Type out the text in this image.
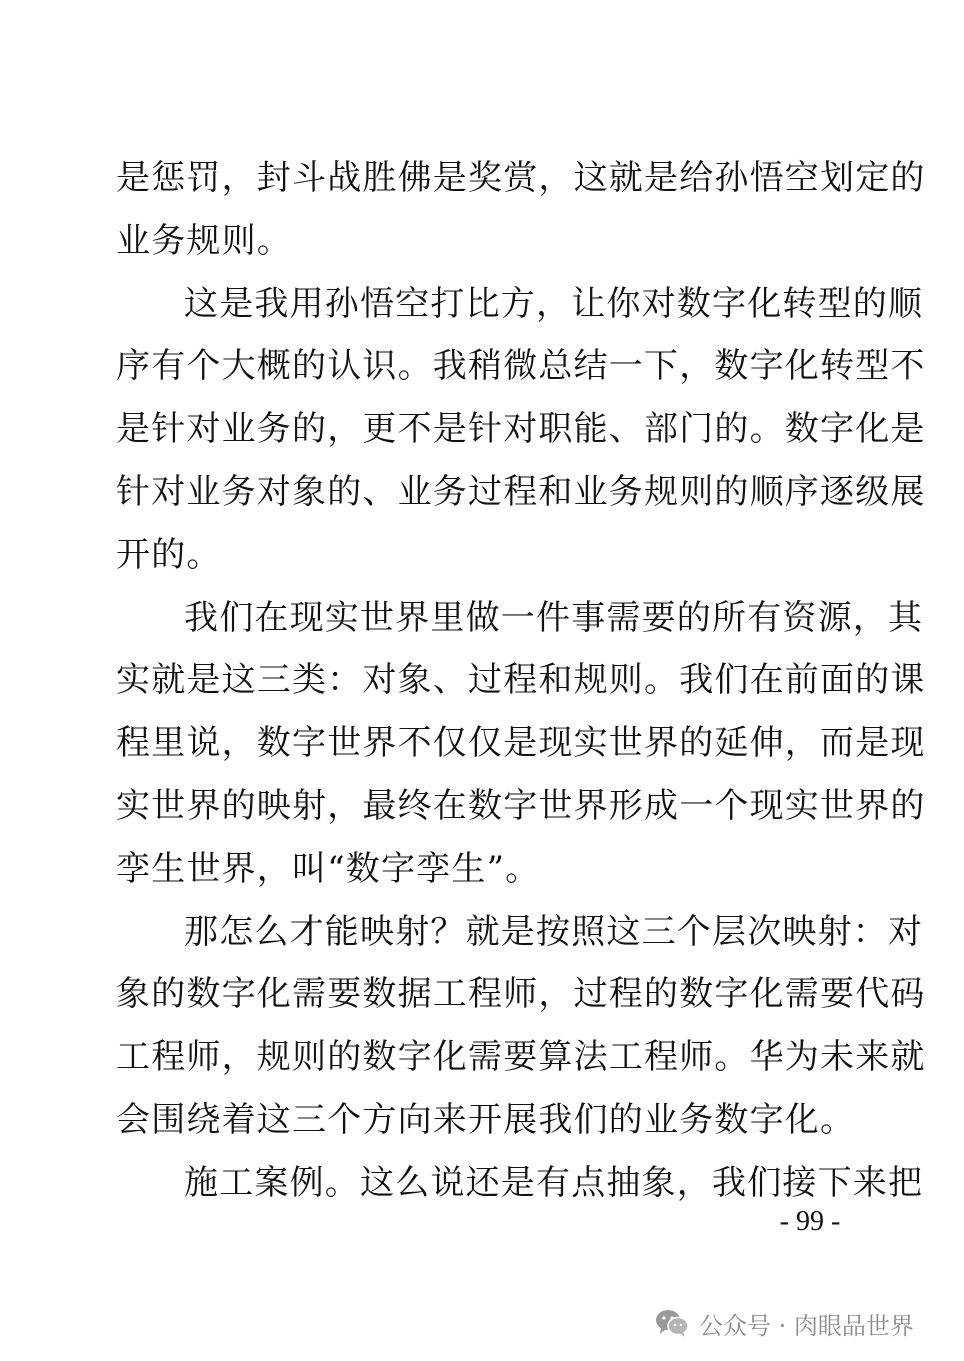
是惩罚，封斗战胜佛是奖赏，这就是给孙悟空划定的
业务规则。
这是我用孙悟空打比方，让你对数字化转型的顺
序有个大概的认识。我稍微总结一下，数字化转型不
是针对业务的，更不是针对职能、部门的。数字化是
针对业务对象的、业务过程和业务规则的顺序逐级展
开的。
我们在现实世界里做一件事需要的所有资源，其
实就是这三类：对象、过程和规则。我们在前面的课
程里说，数字世界不仅仅是现实世界的延伸，而是现
实世界的映射，最终在数字世界形成一个现实世界的
孪生世界，叫“数字孪生”。
那怎么才能映射？就是按照这三个层次映射：对
象的数字化需要数据工程师，过程的数字化需要代码
工程师，规则的数字化需要算法工程师。华为未来就
会围绕着这三个方向来开展我们的业务数字化。
施工案例。这么说还是有点抽象，我们接下来把
- 99 -
公众号 · 肉眼品世界
